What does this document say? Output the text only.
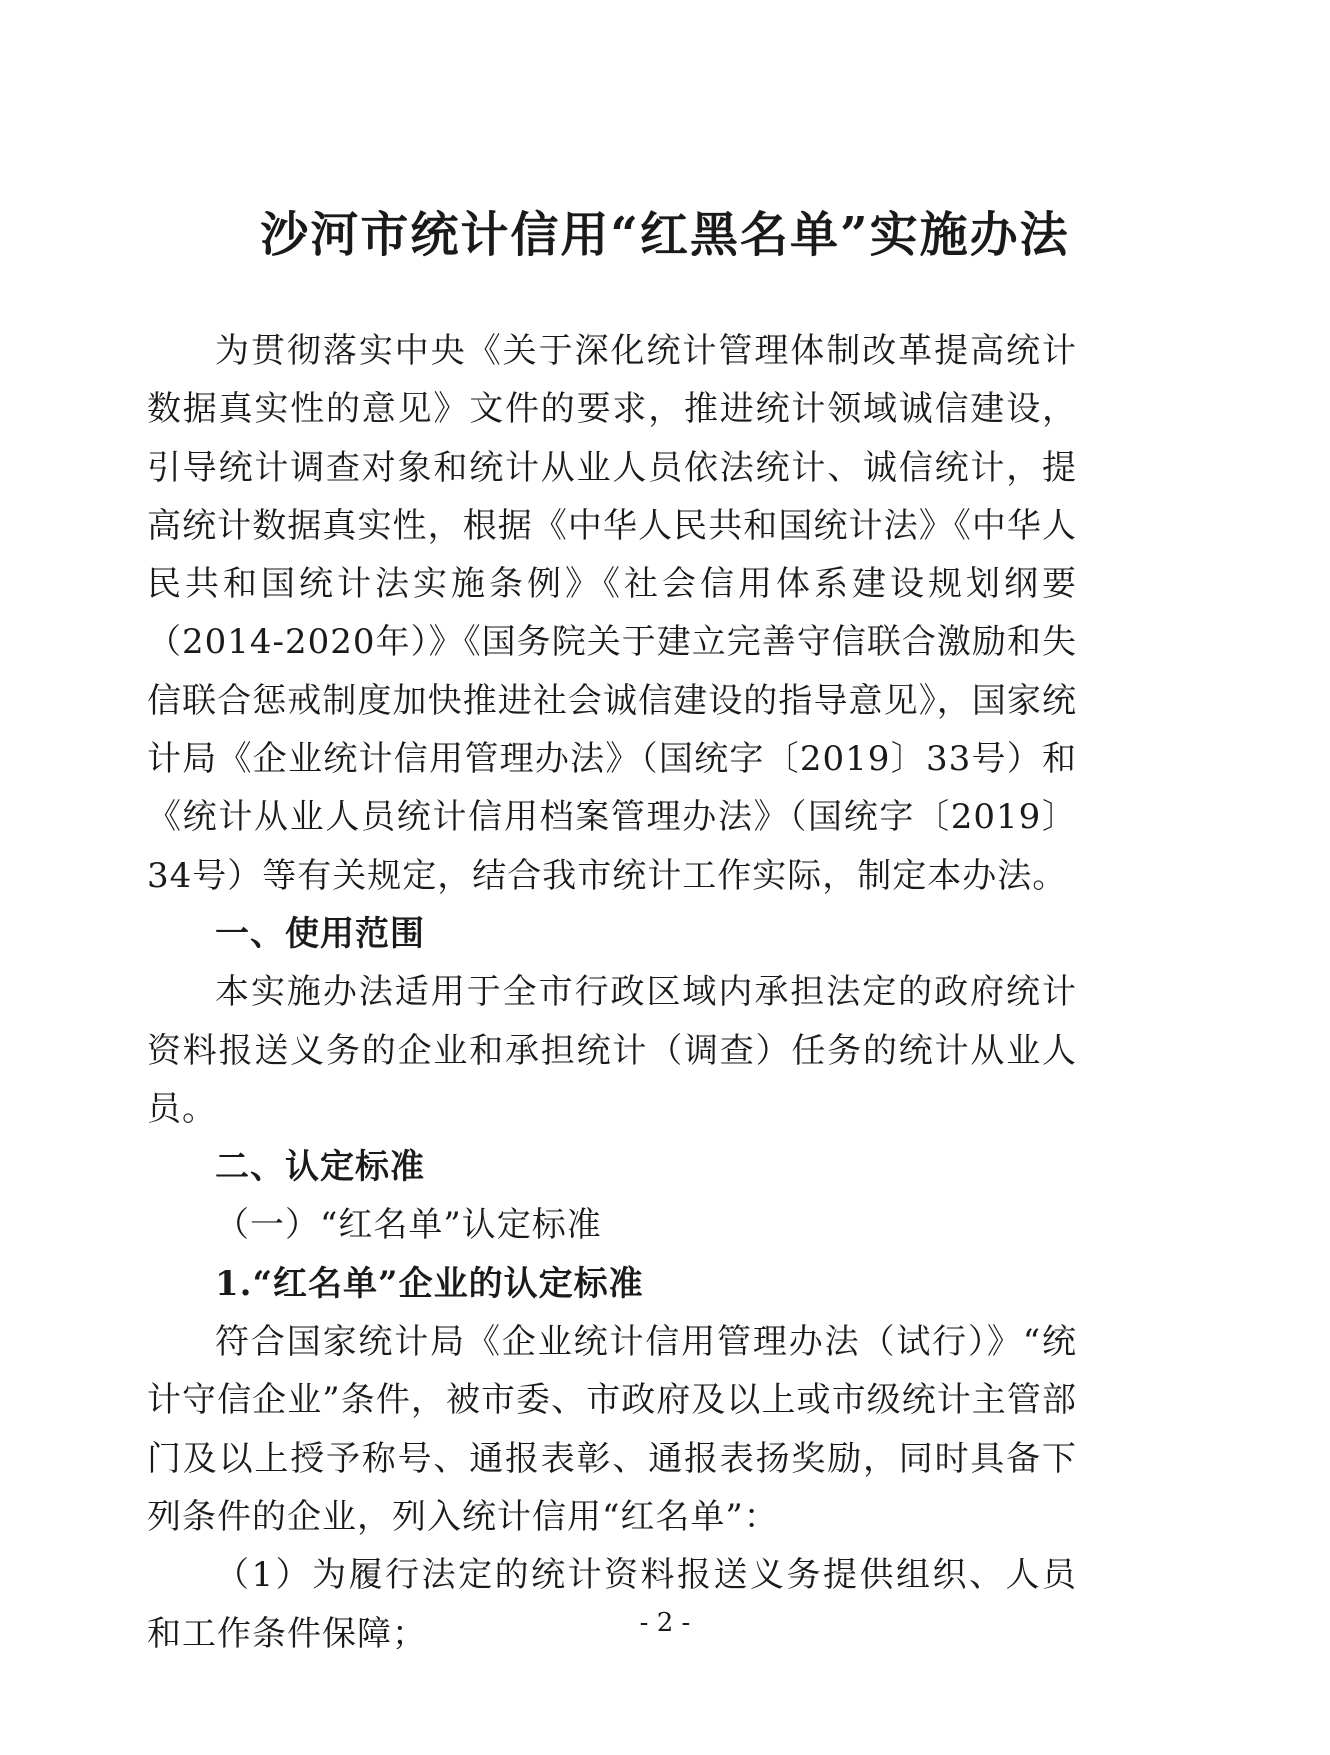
沙河市统计信用“红黑名单”实施办法

为贯彻落实中央《关于深化统计管理体制改革提高统计数据真实性的意见》文件的要求，推进统计领域诚信建设，引导统计调查对象和统计从业人员依法统计、诚信统计，提高统计数据真实性，根据《中华人民共和国统计法》《中华人民共和国统计法实施条例》《社会信用体系建设规划纲要（2014-2020年）》《国务院关于建立完善守信联合激励和失信联合惩戒制度加快推进社会诚信建设的指导意见》，国家统计局《企业统计信用管理办法》（国统字〔2019〕33号）和《统计从业人员统计信用档案管理办法》（国统字〔2019〕34号）等有关规定，结合我市统计工作实际，制定本办法。

一、使用范围

本实施办法适用于全市行政区域内承担法定的政府统计资料报送义务的企业和承担统计（调查）任务的统计从业人员。

二、认定标准

（一）“红名单”认定标准

1.“红名单”企业的认定标准

符合国家统计局《企业统计信用管理办法（试行）》“统计守信企业”条件，被市委、市政府及以上或市级统计主管部门及以上授予称号、通报表彰、通报表扬奖励，同时具备下列条件的企业，列入统计信用“红名单”：

（1）为履行法定的统计资料报送义务提供组织、人员和工作条件保障；	- 2 -
